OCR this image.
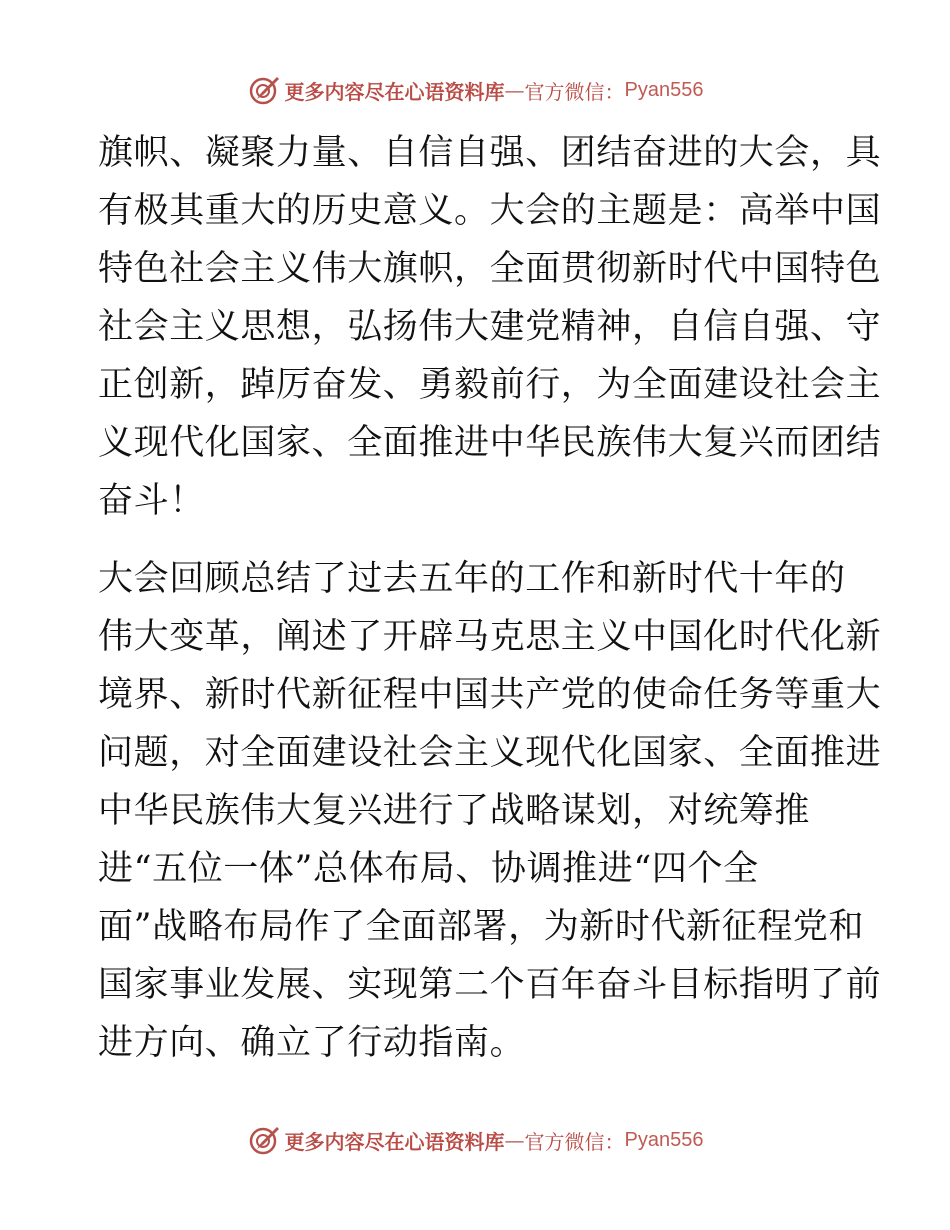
更多内容尽在心语资料库 — 官方微信： Pyan556
旗帜、凝聚力量、自信自强、团结奋进的大会，具
有极其重大的历史意义。大会的主题是：高举中国
特色社会主义伟大旗帜，全面贯彻新时代中国特色
社会主义思想，弘扬伟大建党精神，自信自强、守
正创新，踔厉奋发、勇毅前行，为全面建设社会主
义现代化国家、全面推进中华民族伟大复兴而团结
奋斗！
大会回顾总结了过去五年的工作和新时代十年的
伟大变革，阐述了开辟马克思主义中国化时代化新
境界、新时代新征程中国共产党的使命任务等重大
问题，对全面建设社会主义现代化国家、全面推进
中华民族伟大复兴进行了战略谋划，对统筹推
进“五位一体”总体布局、协调推进“四个全
面”战略布局作了全面部署，为新时代新征程党和
国家事业发展、实现第二个百年奋斗目标指明了前
进方向、确立了行动指南。
更多内容尽在心语资料库 — 官方微信： Pyan556
